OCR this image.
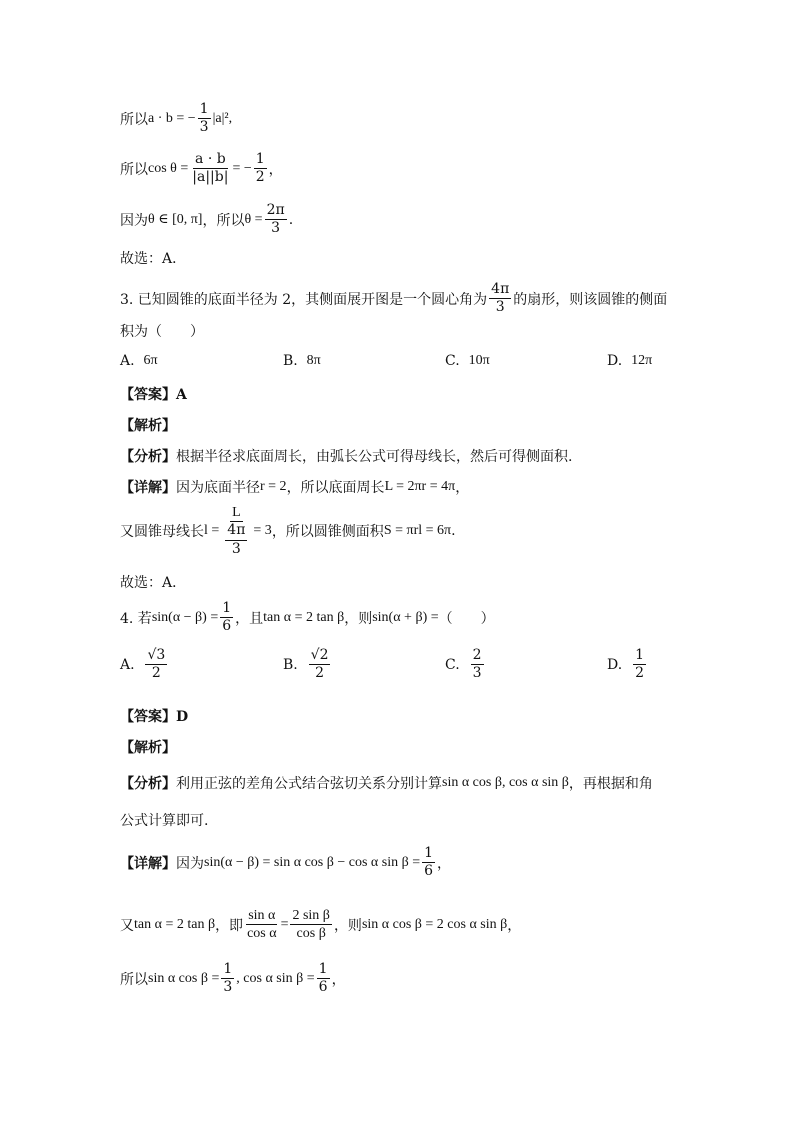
所以 a · b = − $\frac{1}{3} |a|^2$,
所以 $\cos \theta = \frac{a \cdot b}{|a||b|}$ = − $\frac{1}{2}$ ，
因为 θ ∈ [0, π] ，所以 $\theta = \frac{2\pi}{3}$ .
故选：A．
3. 已知圆锥的底面半径为 2，其侧面展开图是一个圆心角为 $\frac{4\pi}{3}$ 的扇形，则该圆锥的侧面
积为（　　）
A.
6π	B.
8π	C.
10π	D.
12π
【答案】A
【解析】
【分析】 根据半径求底面周长，由弧长公式可得母线长，然后可得侧面积.
【详解】 因为底面半径 r = 2 ，所以底面周长 L = 2πr = 4π ，
又圆锥母线长 $l = \frac{L}{\frac{4\pi}{3}} = 3$ ，所以圆锥侧面积 S = πrl = 6π .
故选：A．
4. 若 $\sin(\alpha - \beta) = \frac{1}{6}$ ，且 tan α = 2 tan β ，则 sin(α + β) = （　　）
A.
$\frac{√3}{2}$	B.
$\frac{√2}{2}$	C.
$\frac{2}{3}$	D.
$\frac{1}{2}$
【答案】D
【解析】
【分析】 利用正弦的差角公式结合弦切关系分别计算 sin α cos β, cos α sin β ，再根据和角
公式计算即可.
【详解】 因为 sin(α − β) = sin α cos β − cos α $\sin \beta = \frac{1}{6}$ ，
又 tan α = 2 tan β ，即 $\frac{\text{sin α}}{\text{cos α}} = \frac{\text{2 sin β}}{\text{cos β}}$ ，则 sin α cos β = 2 cos α sin β ，
所以 sin α $\cos \beta = \frac{1}{3}$ , cos α $\sin \beta = \frac{1}{6}$ ，
